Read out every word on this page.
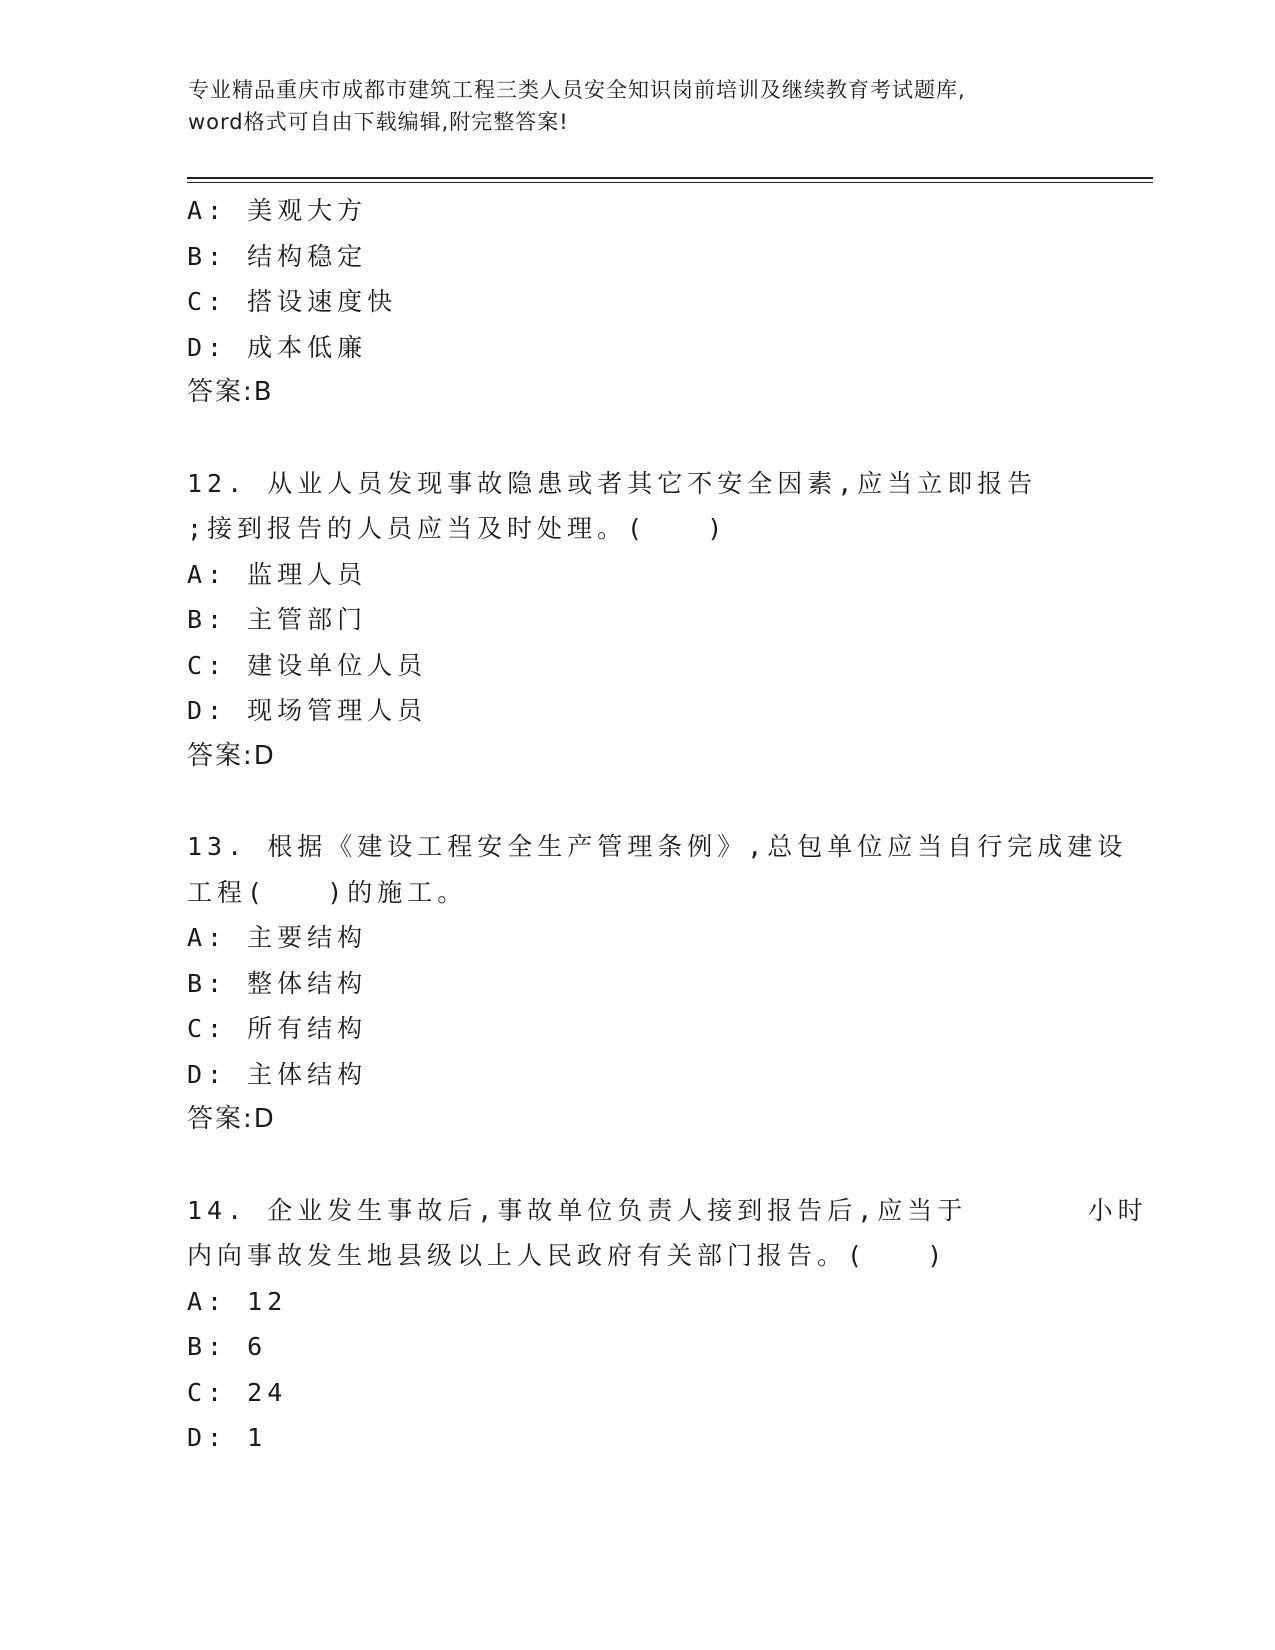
专业精品重庆市成都市建筑工程三类人员安全知识岗前培训及继续教育考试题库,
word格式可自由下载编辑,附完整答案!
A: 美观大方
B: 结构稳定
C: 搭设速度快
D: 成本低廉
答案:B
12. 从业人员发现事故隐患或者其它不安全因素,应当立即报告
;接到报告的人员应当及时处理。(   )
A: 监理人员
B: 主管部门
C: 建设单位人员
D: 现场管理人员
答案:D
13. 根据《建设工程安全生产管理条例》,总包单位应当自行完成建设
工程(   )的施工。
A: 主要结构
B: 整体结构
C: 所有结构
D: 主体结构
答案:D
14. 企业发生事故后,事故单位负责人接到报告后,应当于      小时
内向事故发生地县级以上人民政府有关部门报告。(   )
A: 12
B: 6
C: 24
D: 1
